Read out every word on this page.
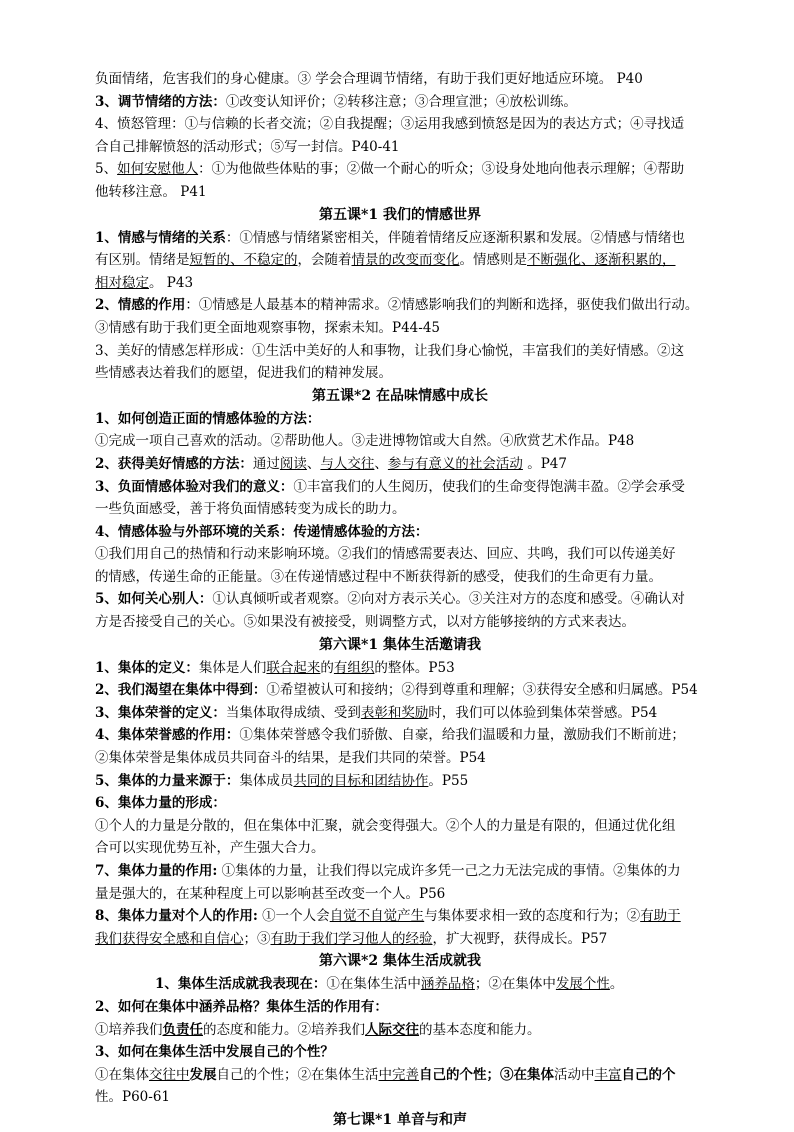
负面情绪，危害我们的身心健康。③ 学会合理调节情绪，有助于我们更好地适应环境。 P40
3、调节情绪的方法：①改变认知评价；②转移注意；③合理宣泄；④放松训练。
4、愤怒管理：①与信赖的长者交流；②自我提醒；③运用我感到愤怒是因为的表达方式；④寻找适
合自己排解愤怒的活动形式；⑤写一封信。P40-41
5、如何安慰他人：①为他做些体贴的事；②做一个耐心的听众；③设身处地向他表示理解；④帮助
他转移注意。 P41
第五课*1 我们的情感世界
1、情感与情绪的关系：①情感与情绪紧密相关，伴随着情绪反应逐渐积累和发展。②情感与情绪也
有区别。情绪是短暂的、不稳定的，会随着情景的改变而变化。情感则是不断强化、逐渐积累的，
相对稳定。 P43
2、情感的作用：①情感是人最基本的精神需求。②情感影响我们的判断和选择，驱使我们做出行动。
③情感有助于我们更全面地观察事物，探索未知。P44-45
3、美好的情感怎样形成：①生活中美好的人和事物，让我们身心愉悦，丰富我们的美好情感。②这
些情感表达着我们的愿望，促进我们的精神发展。
第五课*2 在品味情感中成长
1、如何创造正面的情感体验的方法：
①完成一项自己喜欢的活动。②帮助他人。③走进博物馆或大自然。④欣赏艺术作品。P48
2、获得美好情感的方法：通过阅读、与人交往、参与有意义的社会活动 。P47
3、负面情感体验对我们的意义：①丰富我们的人生阅历，使我们的生命变得饱满丰盈。②学会承受
一些负面感受，善于将负面情感转变为成长的助力。
4、情感体验与外部环境的关系：传递情感体验的方法：
①我们用自己的热情和行动来影响环境。②我们的情感需要表达、回应、共鸣，我们可以传递美好
的情感，传递生命的正能量。③在传递情感过程中不断获得新的感受，使我们的生命更有力量。
5、如何关心别人：①认真倾听或者观察。②向对方表示关心。③关注对方的态度和感受。④确认对
方是否接受自己的关心。⑤如果没有被接受，则调整方式，以对方能够接纳的方式来表达。
第六课*1 集体生活邀请我
1、集体的定义：集体是人们联合起来的有组织的整体。P53
2、我们渴望在集体中得到：①希望被认可和接纳；②得到尊重和理解；③获得安全感和归属感。P54
3、集体荣誉的定义：当集体取得成绩、受到表彰和奖励时，我们可以体验到集体荣誉感。P54
4、集体荣誉感的作用：①集体荣誉感令我们骄傲、自豪，给我们温暖和力量，激励我们不断前进；
②集体荣誉是集体成员共同奋斗的结果，是我们共同的荣誉。P54
5、集体的力量来源于：集体成员共同的目标和团结协作。P55
6、集体力量的形成：
①个人的力量是分散的，但在集体中汇聚，就会变得强大。②个人的力量是有限的，但通过优化组
合可以实现优势互补，产生强大合力。
7、集体力量的作用: ①集体的力量，让我们得以完成许多凭一己之力无法完成的事情。②集体的力
量是强大的，在某种程度上可以影响甚至改变一个人。P56
8、集体力量对个人的作用: ①一个人会自觉不自觉产生与集体要求相一致的态度和行为；②有助于
我们获得安全感和自信心；③有助于我们学习他人的经验，扩大视野，获得成长。P57
第六课*2 集体生活成就我
1、集体生活成就我表现在：①在集体生活中涵养品格；②在集体中发展个性。
2、如何在集体中涵养品格？集体生活的作用有：
①培养我们负责任的态度和能力。②培养我们人际交往的基本态度和能力。
3、如何在集体生活中发展自己的个性？
①在集体交往中发展自己的个性；②在集体生活中完善自己的个性；③在集体活动中丰富自己的个
性。P60-61
第七课*1 单音与和声
